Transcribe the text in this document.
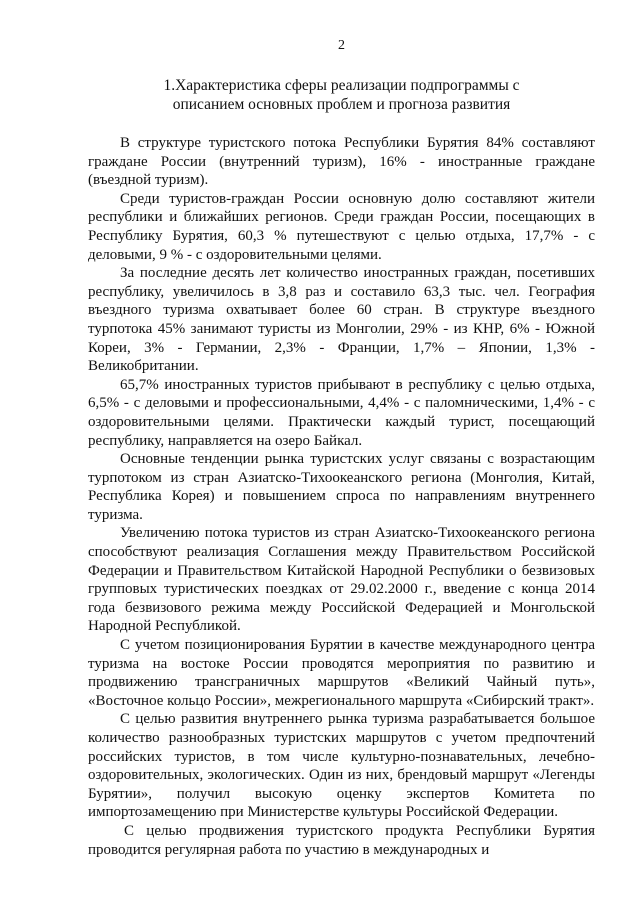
2
1.Характеристика сферы реализации подпрограммы с
описанием основных проблем и прогноза развития

В структуре туристского потока Республики Бурятия 84% составляют граждане России (внутренний туризм), 16% - иностранные граждане (въездной туризм).

Среди туристов-граждан России основную долю составляют жители республики и ближайших регионов. Среди граждан России, посещающих в Республику Бурятия, 60,3 % путешествуют с целью отдыха, 17,7% - с деловыми, 9 % - с оздоровительными целями.

За последние десять лет количество иностранных граждан, посетивших республику, увеличилось в 3,8 раз и составило 63,3 тыс. чел. География въездного туризма охватывает более 60 стран. В структуре въездного турпотока 45% занимают туристы из Монголии, 29% - из КНР, 6% - Южной Кореи, 3% - Германии, 2,3% - Франции, 1,7% – Японии, 1,3% - Великобритании.

65,7% иностранных туристов прибывают в республику с целью отдыха, 6,5% - с деловыми и профессиональными, 4,4% - с паломническими, 1,4% - с оздоровительными целями. Практически каждый турист, посещающий республику, направляется на озеро Байкал.

Основные тенденции рынка туристских услуг связаны с возрастающим турпотоком из стран Азиатско-Тихоокеанского региона (Монголия, Китай, Республика Корея) и повышением спроса по направлениям внутреннего туризма.

Увеличению потока туристов из стран Азиатско-Тихоокеанского региона способствуют реализация Соглашения между Правительством Российской Федерации и Правительством Китайской Народной Республики о безвизовых групповых туристических поездках от 29.02.2000 г., введение с конца 2014 года безвизового режима между Российской Федерацией и Монгольской Народной Республикой.

С учетом позиционирования Бурятии в качестве международного центра туризма на востоке России проводятся мероприятия по развитию и продвижению трансграничных маршрутов «Великий Чайный путь», «Восточное кольцо России», межрегионального маршрута «Сибирский тракт».

С целью развития внутреннего рынка туризма разрабатывается большое количество разнообразных туристских маршрутов с учетом предпочтений российских туристов, в том числе культурно-познавательных, лечебно-оздоровительных, экологических. Один из них, брендовый маршрут «Легенды Бурятии», получил высокую оценку экспертов Комитета по импортозамещению при Министерстве культуры Российской Федерации.

С целью продвижения туристского продукта Республики Бурятия проводится регулярная работа по участию в международных и
